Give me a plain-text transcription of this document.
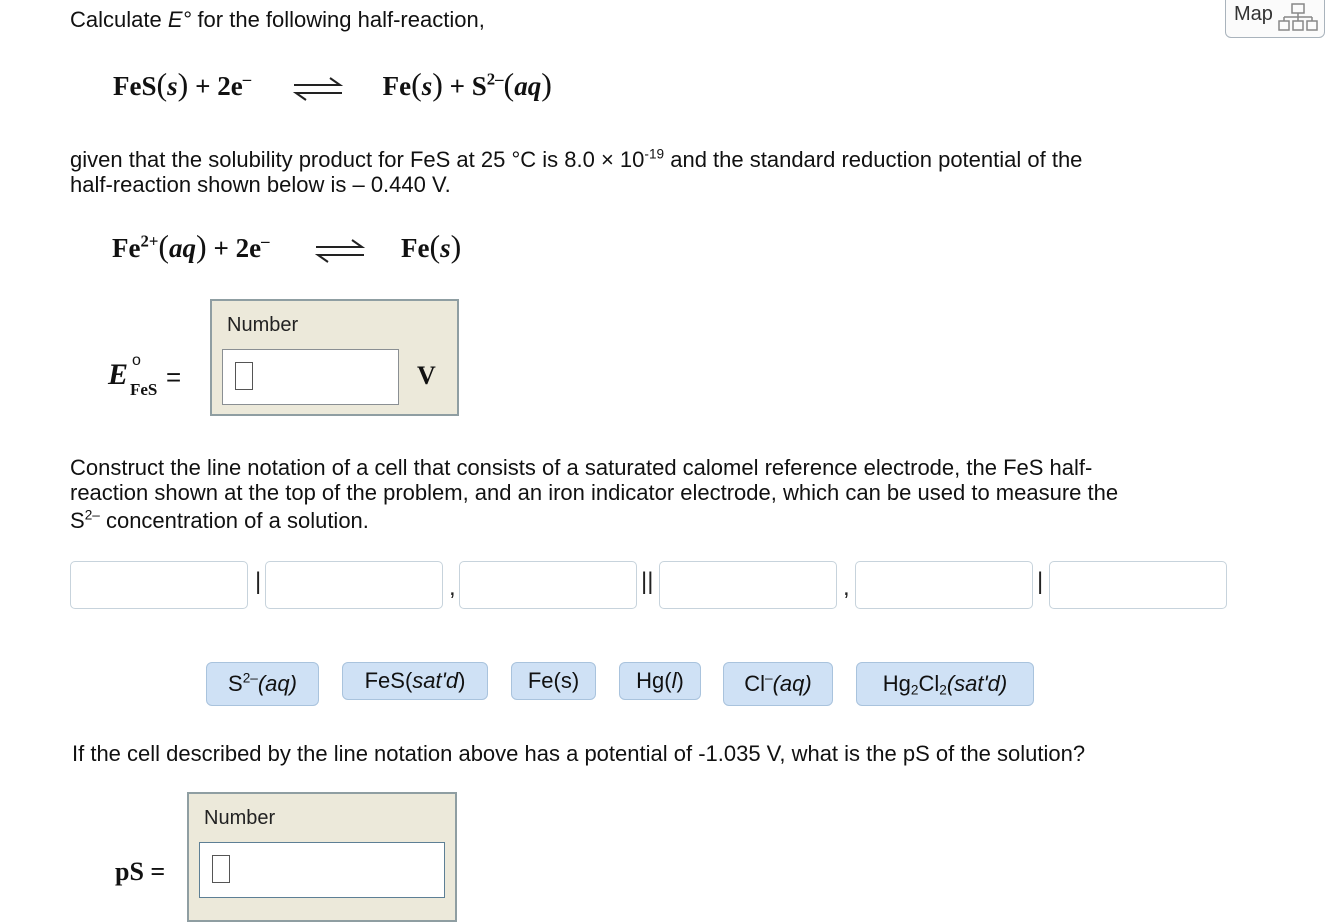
Calculate E° for the following half-reaction,	Map
FeS(s) + 2e– ⇌ $Fe(s) + S^{2-}(aq)$
given that the solubility product for FeS at 25 °C is $8.0 \times 10^{-19}$ and the standard reduction potential of the
half-reaction shown below is – 0.440 V.
$Fe^{2+}(aq) + 2e^-$ ⇌ Fe(s)
E o
FeS =
Number
V
Construct the line notation of a cell that consists of a saturated calomel reference electrode, the FeS half-
reaction shown at the top of the problem, and an iron indicator electrode, which can be used to measure the
$S^{2-}$ concentration of a solution.
|	,	||	,	|
$S^{2-}(aq)$	FeS(sat'd)	Fe(s)	Hg(l)	Cl–(aq)	$Hg_2Cl_2(sat'd)$
If the cell described by the line notation above has a potential of -1.035 V, what is the pS of the solution?
pS =
Number
